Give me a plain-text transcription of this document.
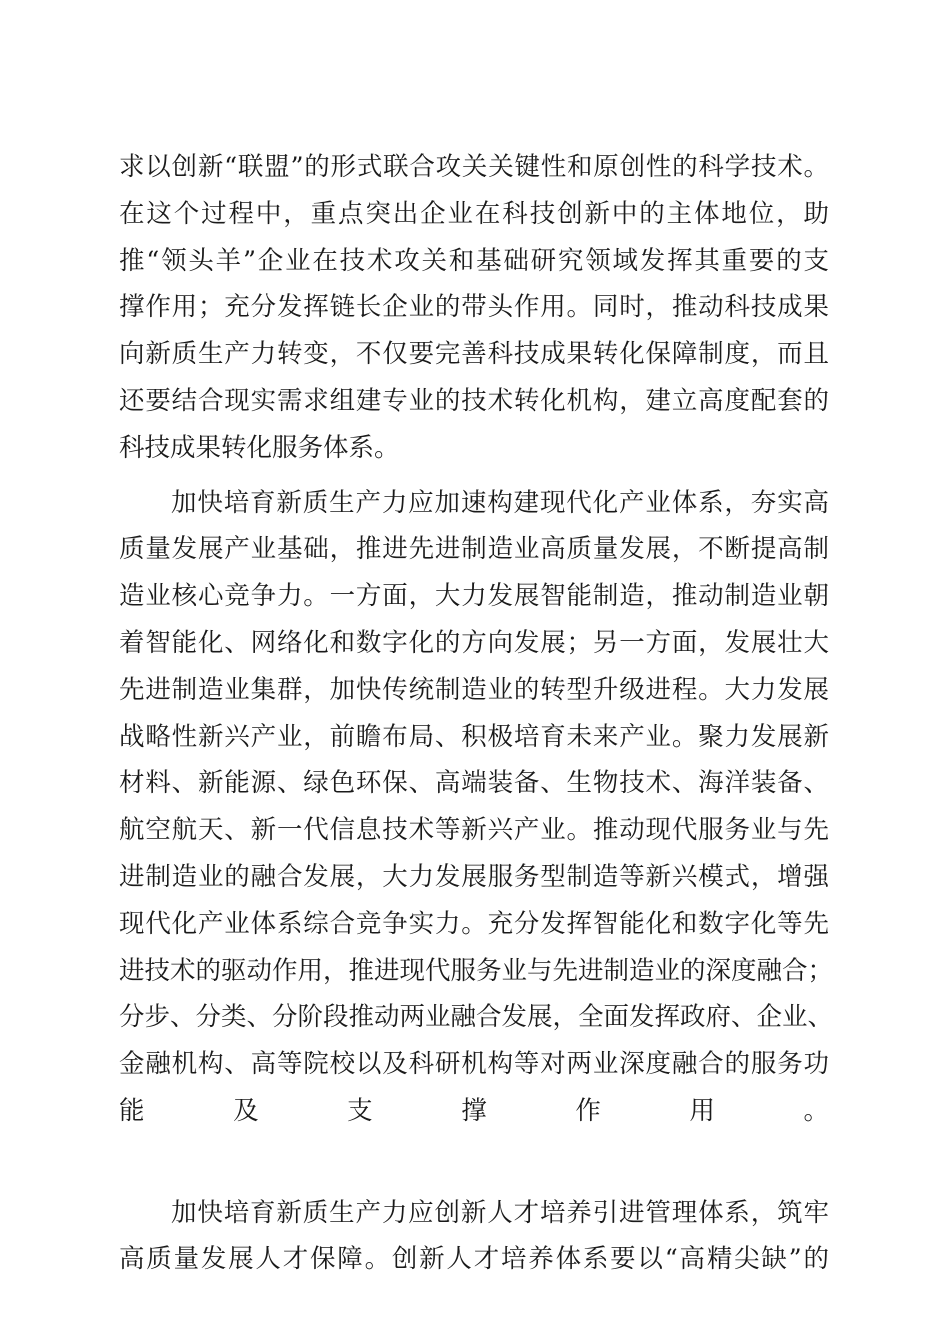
求以创新“联盟”的形式联合攻关关键性和原创性的科学技术。
在这个过程中，重点突出企业在科技创新中的主体地位，助
推“领头羊”企业在技术攻关和基础研究领域发挥其重要的支
撑作用；充分发挥链长企业的带头作用。同时，推动科技成果
向新质生产力转变，不仅要完善科技成果转化保障制度，而且
还要结合现实需求组建专业的技术转化机构，建立高度配套的
科技成果转化服务体系。
加快培育新质生产力应加速构建现代化产业体系，夯实高
质量发展产业基础，推进先进制造业高质量发展，不断提高制
造业核心竞争力。一方面，大力发展智能制造，推动制造业朝
着智能化、网络化和数字化的方向发展；另一方面，发展壮大
先进制造业集群，加快传统制造业的转型升级进程。大力发展
战略性新兴产业，前瞻布局、积极培育未来产业。聚力发展新
材料、新能源、绿色环保、高端装备、生物技术、海洋装备、
航空航天、新一代信息技术等新兴产业。推动现代服务业与先
进制造业的融合发展，大力发展服务型制造等新兴模式，增强
现代化产业体系综合竞争实力。充分发挥智能化和数字化等先
进技术的驱动作用，推进现代服务业与先进制造业的深度融合；
分步、分类、分阶段推动两业融合发展，全面发挥政府、企业、
金融机构、高等院校以及科研机构等对两业深度融合的服务功
能及支撑作用。
加快培育新质生产力应创新人才培养引进管理体系，筑牢
高质量发展人才保障。创新人才培养体系要以“高精尖缺”的
